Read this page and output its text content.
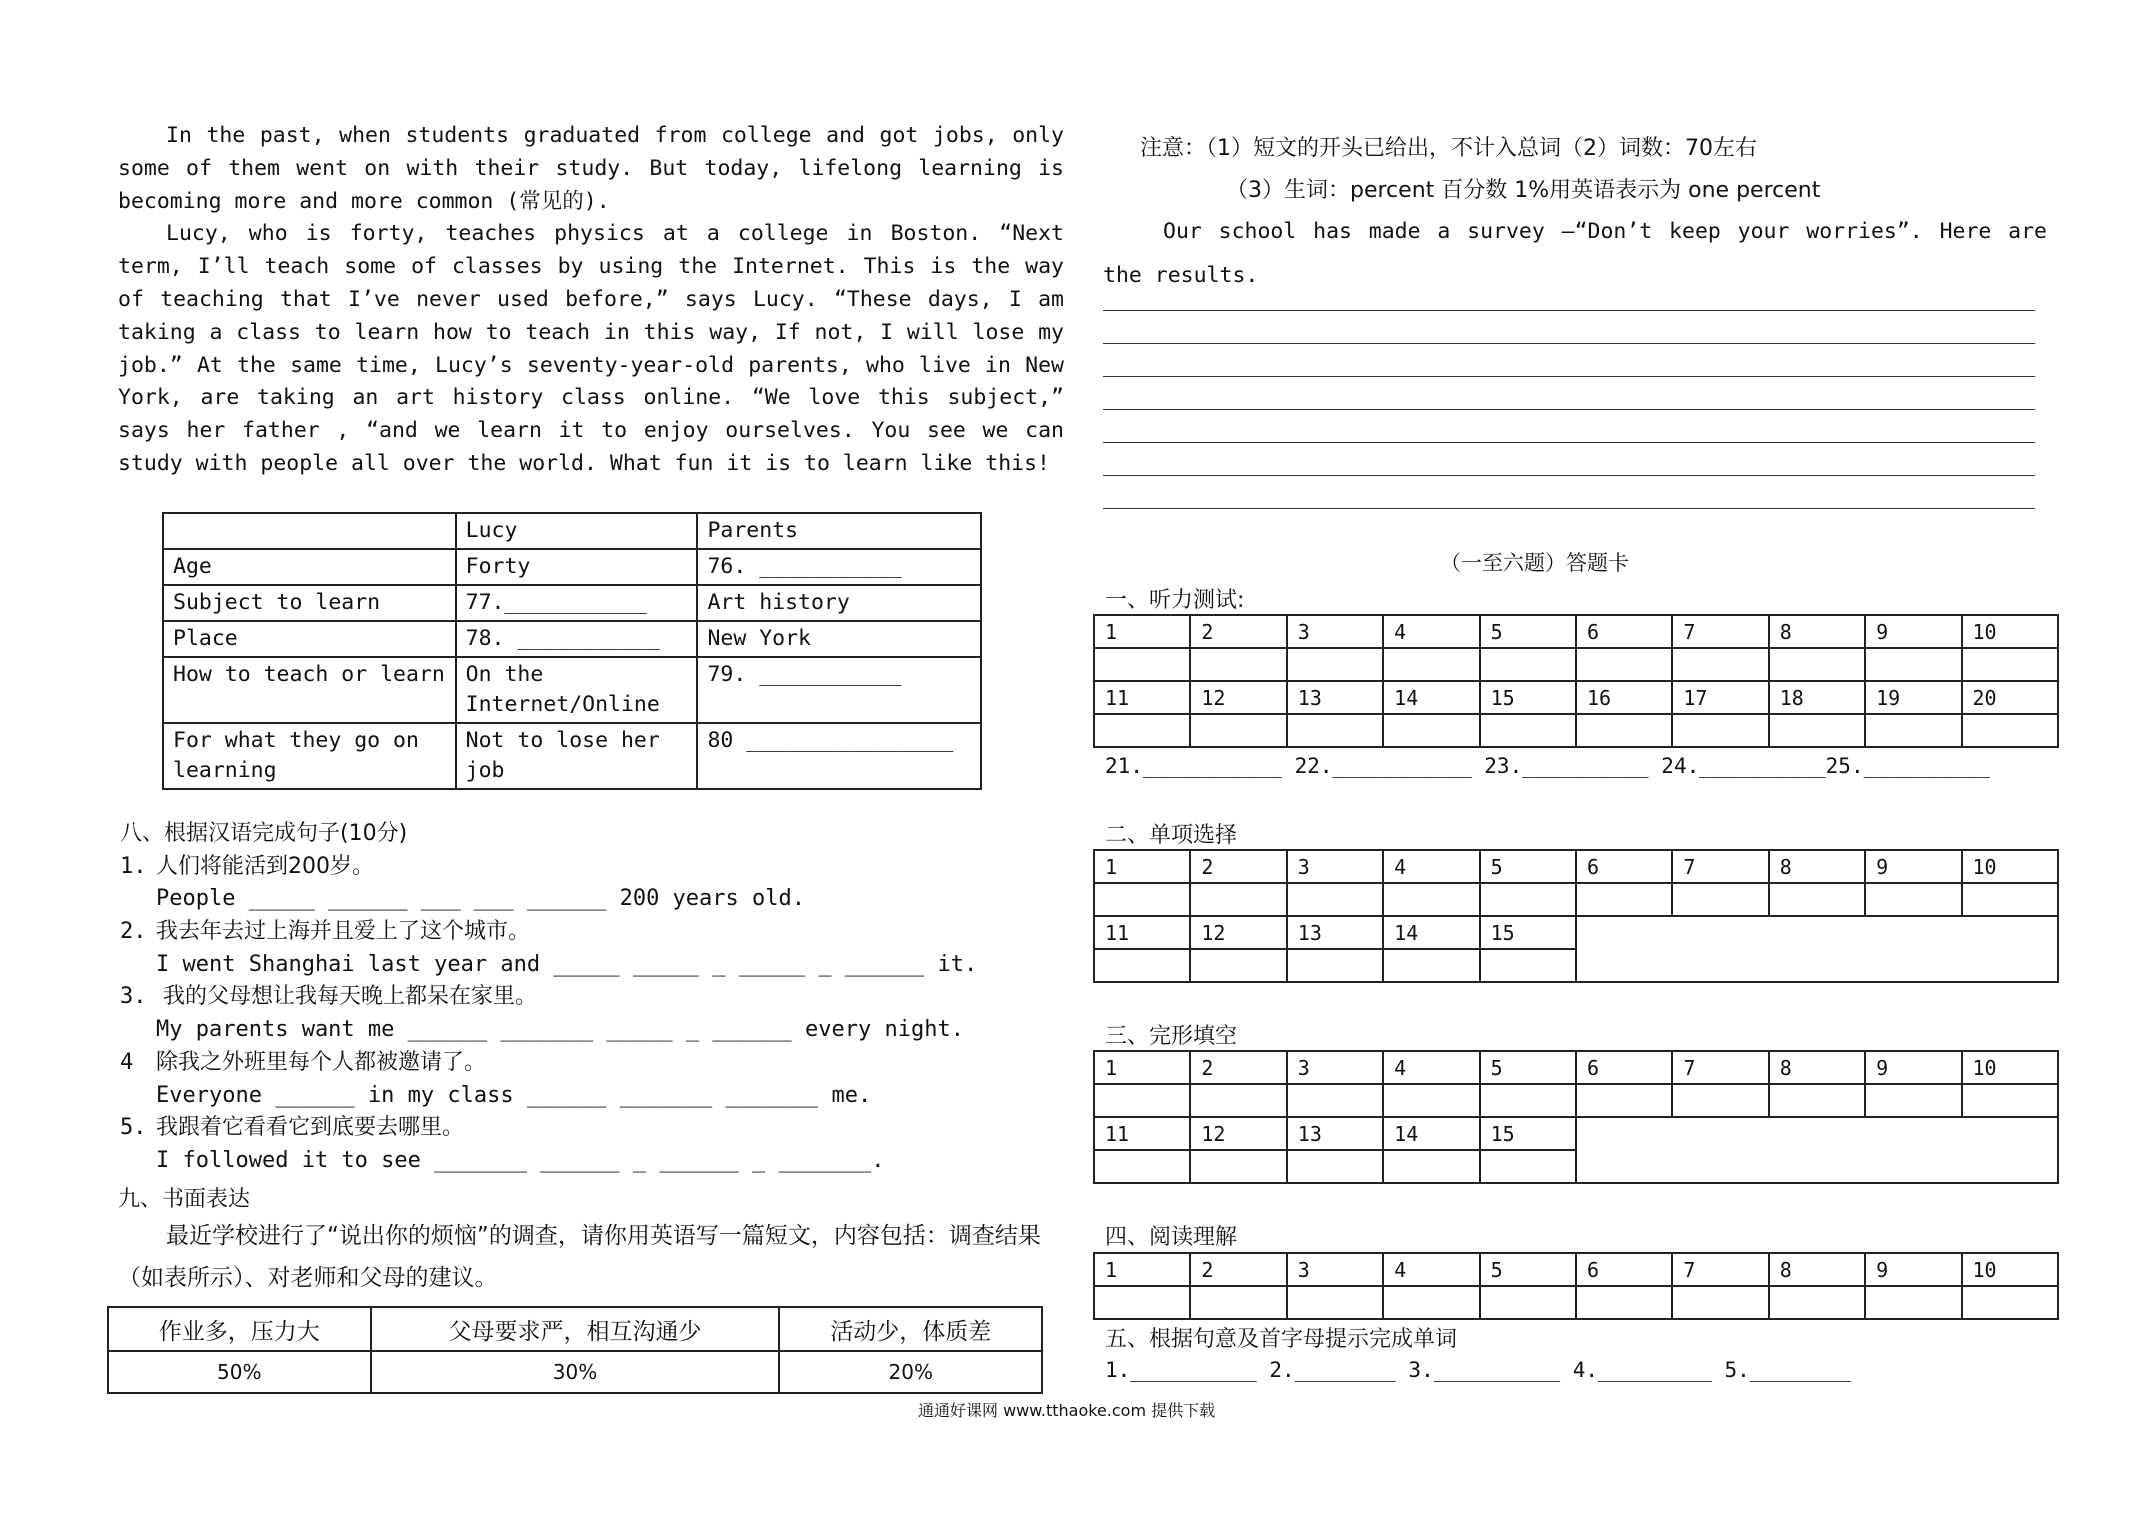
In the past, when students graduated from college and got jobs, only some of them went on with their study. But today, lifelong learning is becoming more and more common (常见的).

Lucy, who is forty, teaches physics at a college in Boston. “Next term, I’ll teach some of classes by using the Internet. This is the way of teaching that I’ve never used before,” says Lucy. “These days, I am taking a class to learn how to teach in this way, If not, I will lose my job.” At the same time, Lucy’s seventy-year-old parents, who live in New York, are taking an art history class online. “We love this subject,” says her father , “and we learn it to enjoy ourselves. You see we can study with people all over the world. What fun it is to learn like this!

	Lucy	Parents
Age	Forty	76. ___________
Subject to learn	77.___________	Art history
Place	78. ___________	New York
How to teach or learn	On the Internet/Online	79. ___________
For what they go on learning	Not to lose her job	80 ________________
八、根据汉语完成句子(10分)
1. 人们将能活到200岁。
People _____ ______ ___ ___ ______ 200 years old.
2. 我去年去过上海并且爱上了这个城市。
I went Shanghai last year and _____ _____ _ _____ _ ______ it.
3. 我的父母想让我每天晚上都呆在家里。
My parents want me ______ _______ _____ _ ______ every night.
4 除我之外班里每个人都被邀请了。
Everyone ______ in my class ______ _______ _______ me.
5. 我跟着它看看它到底要去哪里。
I followed it to see _______ ______ _ ______ _ _______.
九、书面表达
最近学校进行了“说出你的烦恼”的调查，请你用英语写一篇短文，内容包括：调查结果（如表所示）、对老师和父母的建议。
作业多，压力大	父母要求严，相互沟通少	活动少，体质差
50%	30%	20%
通通好课网 www.tthaoke.com 提供下载
注意：（1）短文的开头已给出，不计入总词（2）词数：70左右
（3）生词：percent 百分数 1%用英语表示为 one percent
Our school has made a survey —“Don’t keep your worries”. Here are the results.
（一至六题）答题卡
一、听力测试:
1	2	3	4	5	6	7	8	9	10

11	12	13	14	15	16	17	18	19	20

21.___________ 22.___________ 23.__________ 24.__________25.__________
二、单项选择
1	2	3	4	5	6	7	8	9	10

11	12	13	14	15					

三、完形填空
1	2	3	4	5	6	7	8	9	10

11	12	13	14	15					

四、阅读理解
1	2	3	4	5	6	7	8	9	10

五、根据句意及首字母提示完成单词
1.__________ 2.________ 3.__________ 4._________ 5.________
